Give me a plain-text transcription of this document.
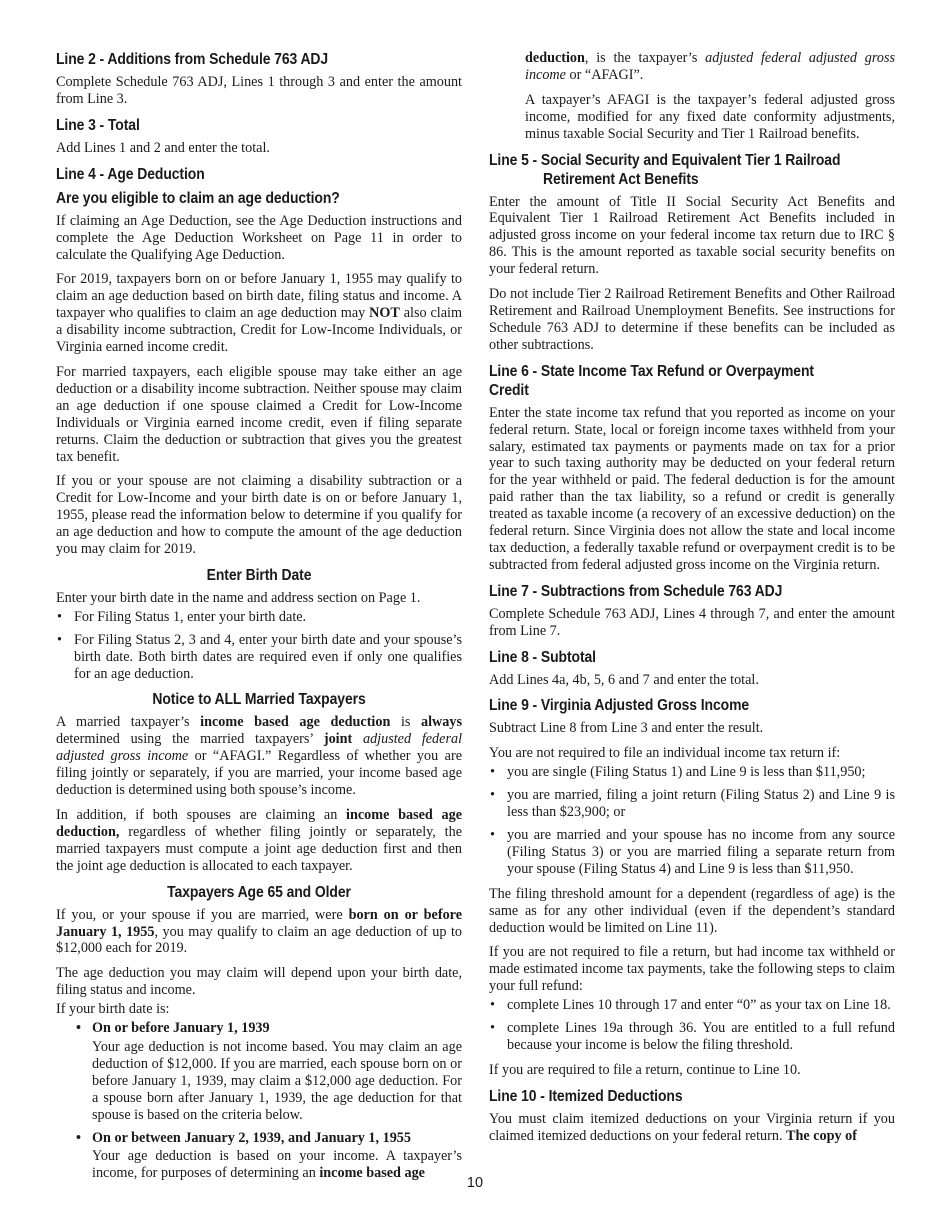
Line 2 - Additions from Schedule 763 ADJ

Complete Schedule 763 ADJ, Lines 1 through 3 and enter the amount from Line 3.

Line 3 - Total

Add Lines 1 and 2 and enter the total.

Line 4 - Age Deduction
Are you eligible to claim an age deduction?

If claiming an Age Deduction, see the Age Deduction instructions and complete the Age Deduction Worksheet on Page 11 in order to calculate the Qualifying Age Deduction.

For 2019, taxpayers born on or before January 1, 1955 may qualify to claim an age deduction based on birth date, filing status and income. A taxpayer who qualifies to claim an age deduction may NOT also claim a disability income subtraction, Credit for Low-Income Individuals, or Virginia earned income credit.

For married taxpayers, each eligible spouse may take either an age deduction or a disability income subtraction. Neither spouse may claim an age deduction if one spouse claimed a Credit for Low-Income Individuals or Virginia earned income credit, even if filing separate returns. Claim the deduction or subtraction that gives you the greatest tax benefit.

If you or your spouse are not claiming a disability subtraction or a Credit for Low-Income and your birth date is on or before January 1, 1955, please read the information below to determine if you qualify for an age deduction and how to compute the amount of the age deduction you may claim for 2019.

Enter Birth Date

Enter your birth date in the name and address section on Page 1.

• For Filing Status 1, enter your birth date.
• For Filing Status 2, 3 and 4, enter your birth date and your spouse’s birth date. Both birth dates are required even if only one qualifies for an age deduction.
Notice to ALL Married Taxpayers

A married taxpayer’s income based age deduction is always determined using the married taxpayers’ joint adjusted federal adjusted gross income or “AFAGI.” Regardless of whether you are filing jointly or separately, if you are married, your income based age deduction is determined using both spouse’s income.

In addition, if both spouses are claiming an income based age deduction, regardless of whether filing jointly or separately, the married taxpayers must compute a joint age deduction first and then the joint age deduction is allocated to each taxpayer.

Taxpayers Age 65 and Older

If you, or your spouse if you are married, were born on or before January 1, 1955, you may qualify to claim an age deduction of up to $12,000 each for 2019.

The age deduction you may claim will depend upon your birth date, filing status and income.

If your birth date is:

• On or before January 1, 1939
Your age deduction is not income based. You may claim an age deduction of $12,000. If you are married, each spouse born on or before January 1, 1939, may claim a $12,000 age deduction. For a spouse born after January 1, 1939, the age deduction for that spouse is based on the criteria below.
• On or between January 2, 1939, and January 1, 1955
Your age deduction is based on your income. A taxpayer’s income, for purposes of determining an income based age

deduction, is the taxpayer’s adjusted federal adjusted gross income or “AFAGI”.

A taxpayer’s AFAGI is the taxpayer’s federal adjusted gross income, modified for any fixed date conformity adjustments, minus taxable Social Security and Tier 1 Railroad benefits.

Line 5 - Social Security and Equivalent Tier 1 Railroad
Retirement Act Benefits

Enter the amount of Title II Social Security Act Benefits and Equivalent Tier 1 Railroad Retirement Act Benefits included in adjusted gross income on your federal income tax return due to IRC § 86. This is the amount reported as taxable social security benefits on your federal return.

Do not include Tier 2 Railroad Retirement Benefits and Other Railroad Retirement and Railroad Unemployment Benefits. See instructions for Schedule 763 ADJ to determine if these benefits can be included as other subtractions.

Line 6 - State Income Tax Refund or Overpayment Credit

Enter the state income tax refund that you reported as income on your federal return. State, local or foreign income taxes withheld from your salary, estimated tax payments or payments made on tax for a prior year to such taxing authority may be deducted on your federal return for the year withheld or paid. The federal deduction is for the amount paid rather than the tax liability, so a refund or credit is generally treated as taxable income (a recovery of an excessive deduction) on the federal return. Since Virginia does not allow the state and local income tax deduction, a federally taxable refund or overpayment credit is to be subtracted from federal adjusted gross income on the Virginia return.

Line 7 - Subtractions from Schedule 763 ADJ

Complete Schedule 763 ADJ, Lines 4 through 7, and enter the amount from Line 7.

Line 8 - Subtotal

Add Lines 4a, 4b, 5, 6 and 7 and enter the total.

Line 9 - Virginia Adjusted Gross Income

Subtract Line 8 from Line 3 and enter the result.

You are not required to file an individual income tax return if:

• you are single (Filing Status 1) and Line 9 is less than $11,950;
• you are married, filing a joint return (Filing Status 2) and Line 9 is less than $23,900; or
• you are married and your spouse has no income from any source (Filing Status 3) or you are married filing a separate return from your spouse (Filing Status 4) and Line 9 is less than $11,950.

The filing threshold amount for a dependent (regardless of age) is the same as for any other individual (even if the dependent’s standard deduction would be limited on Line 11).

If you are not required to file a return, but had income tax withheld or made estimated income tax payments, take the following steps to claim your full refund:

• complete Lines 10 through 17 and enter “0” as your tax on Line 18.
• complete Lines 19a through 36. You are entitled to a full refund because your income is below the filing threshold.

If you are required to file a return, continue to Line 10.

Line 10 - Itemized Deductions

You must claim itemized deductions on your Virginia return if you claimed itemized deductions on your federal return. The copy of

10
